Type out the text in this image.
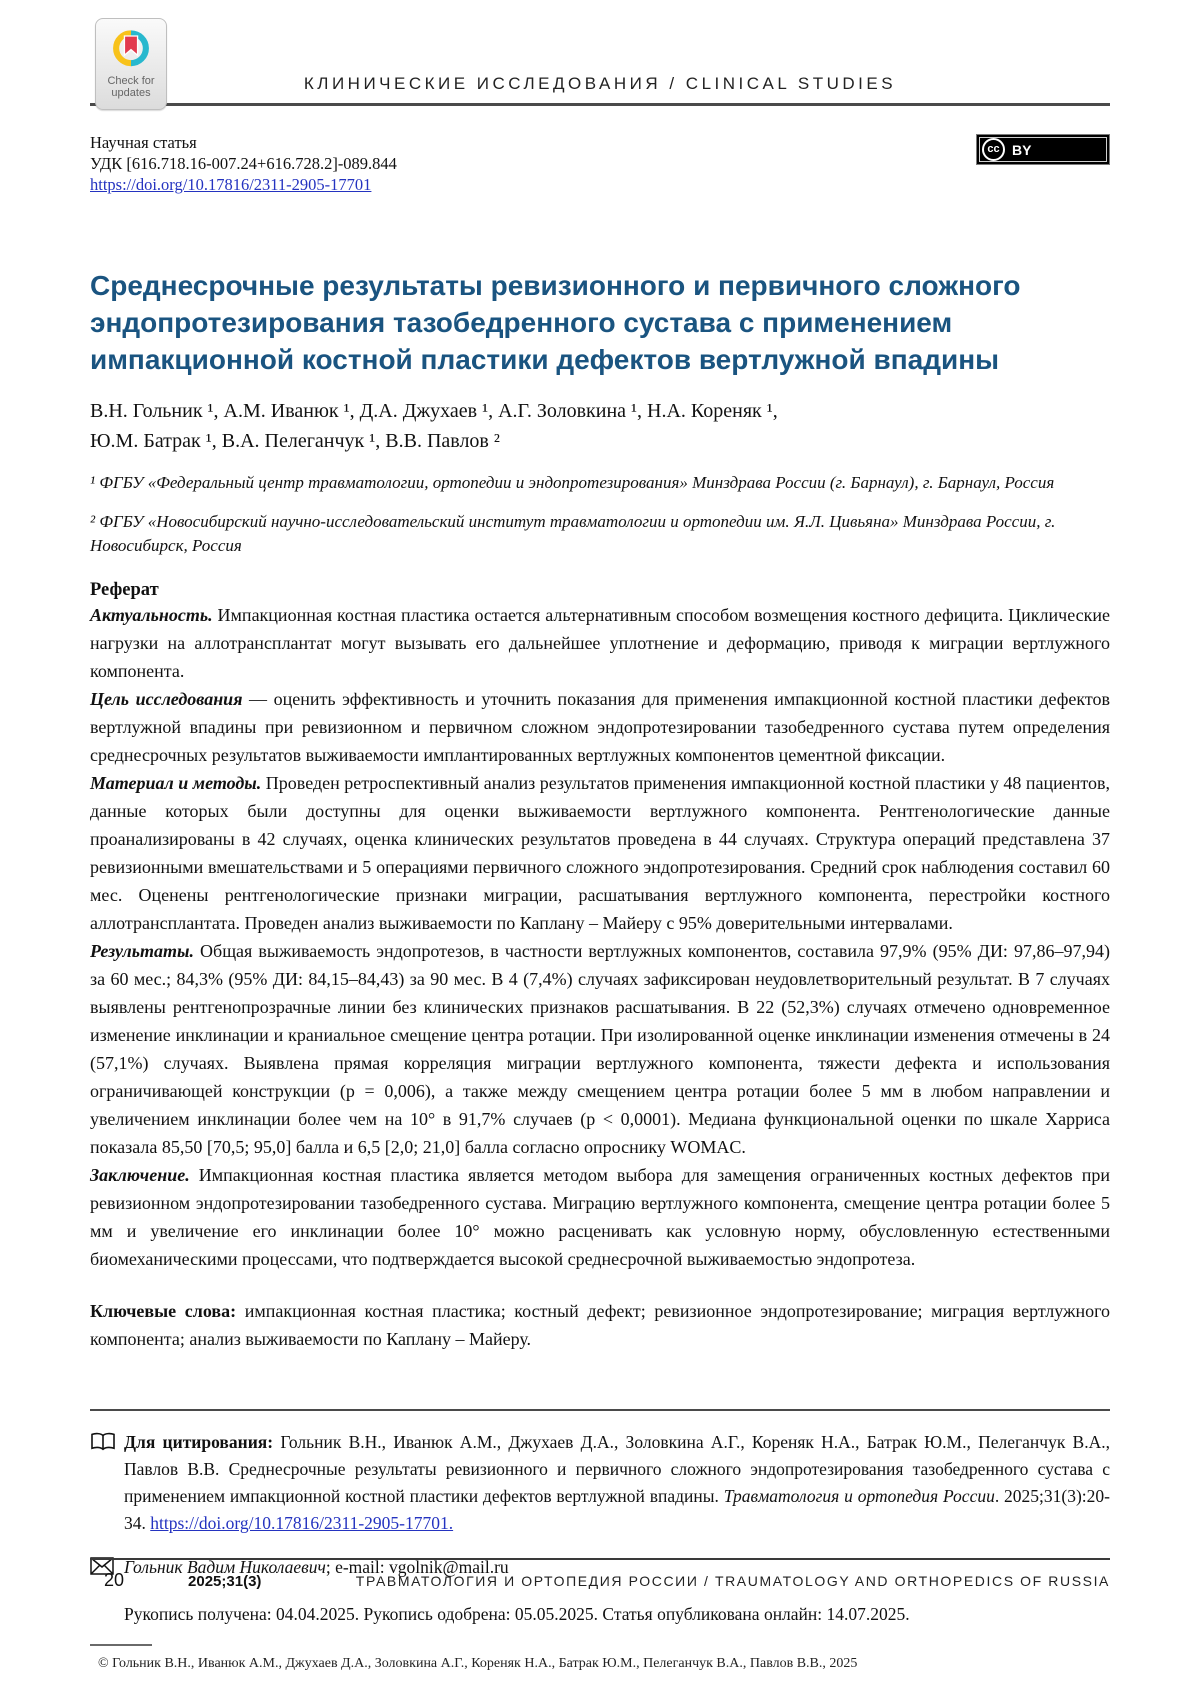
Check for updates	КЛИНИЧЕСКИЕ ИССЛЕДОВАНИЯ / CLINICAL STUDIES
Научная статья
УДК [616.718.16-007.24+616.728.2]-089.844
https://doi.org/10.17816/2311-2905-17701
cc BY
Среднесрочные результаты ревизионного и первичного сложного эндопротезирования тазобедренного сустава с применением импакционной костной пластики дефектов вертлужной впадины
В.Н. Гольник ¹, А.М. Иванюк ¹, Д.А. Джухаев ¹, А.Г. Золовкина ¹, Н.А. Кореняк ¹,
Ю.М. Батрак ¹, В.А. Пелеганчук ¹, В.В. Павлов ²
¹ ФГБУ «Федеральный центр травматологии, ортопедии и эндопротезирования» Минздрава России (г. Барнаул), г. Барнаул, Россия
² ФГБУ «Новосибирский научно-исследовательский институт травматологии и ортопедии им. Я.Л. Цивьяна» Минздрава России, г. Новосибирск, Россия
Реферат

Актуальность. Импакционная костная пластика остается альтернативным способом возмещения костного дефицита. Циклические нагрузки на аллотрансплантат могут вызывать его дальнейшее уплотнение и деформацию, приводя к миграции вертлужного компонента.

Цель исследования — оценить эффективность и уточнить показания для применения импакционной костной пластики дефектов вертлужной впадины при ревизионном и первичном сложном эндопротезировании тазобедренного сустава путем определения среднесрочных результатов выживаемости имплантированных вертлужных компонентов цементной фиксации.

Материал и методы. Проведен ретроспективный анализ результатов применения импакционной костной пластики у 48 пациентов, данные которых были доступны для оценки выживаемости вертлужного компонента. Рентгенологические данные проанализированы в 42 случаях, оценка клинических результатов проведена в 44 случаях. Структура операций представлена 37 ревизионными вмешательствами и 5 операциями первичного сложного эндопротезирования. Средний срок наблюдения составил 60 мес. Оценены рентгенологические признаки миграции, расшатывания вертлужного компонента, перестройки костного аллотрансплантата. Проведен анализ выживаемости по Каплану – Майеру с 95% доверительными интервалами.

Результаты. Общая выживаемость эндопротезов, в частности вертлужных компонентов, составила 97,9% (95% ДИ: 97,86–97,94) за 60 мес.; 84,3% (95% ДИ: 84,15–84,43) за 90 мес. В 4 (7,4%) случаях зафиксирован неудовлетворительный результат. В 7 случаях выявлены рентгенопрозрачные линии без клинических признаков расшатывания. В 22 (52,3%) случаях отмечено одновременное изменение инклинации и краниальное смещение центра ротации. При изолированной оценке инклинации изменения отмечены в 24 (57,1%) случаях. Выявлена прямая корреляция миграции вертлужного компонента, тяжести дефекта и использования ограничивающей конструкции (p = 0,006), а также между смещением центра ротации более 5 мм в любом направлении и увеличением инклинации более чем на 10° в 91,7% случаев (p < 0,0001). Медиана функциональной оценки по шкале Харриса показала 85,50 [70,5; 95,0] балла и 6,5 [2,0; 21,0] балла согласно опроснику WOMAC.

Заключение. Импакционная костная пластика является методом выбора для замещения ограниченных костных дефектов при ревизионном эндопротезировании тазобедренного сустава. Миграцию вертлужного компонента, смещение центра ротации более 5 мм и увеличение его инклинации более 10° можно расценивать как условную норму, обусловленную естественными биомеханическими процессами, что подтверждается высокой среднесрочной выживаемостью эндопротеза.

Ключевые слова: импакционная костная пластика; костный дефект; ревизионное эндопротезирование; миграция вертлужного компонента; анализ выживаемости по Каплану – Майеру.

Для цитирования: Гольник В.Н., Иванюк А.М., Джухаев Д.А., Золовкина А.Г., Кореняк Н.А., Батрак Ю.М., Пелеганчук В.А., Павлов В.В. Среднесрочные результаты ревизионного и первичного сложного эндопротезирования тазобедренного сустава с применением импакционной костной пластики дефектов вертлужной впадины. Травматология и ортопедия России. 2025;31(3):20-34. https://doi.org/10.17816/2311-2905-17701.
Гольник Вадим Николаевич; e-mail: vgolnik@mail.ru
Рукопись получена: 04.04.2025. Рукопись одобрена: 05.05.2025. Статья опубликована онлайн: 14.07.2025.
© Гольник В.Н., Иванюк А.М., Джухаев Д.А., Золовкина А.Г., Кореняк Н.А., Батрак Ю.М., Пелеганчук В.А., Павлов В.В., 2025
20	2025;31(3)	ТРАВМАТОЛОГИЯ И ОРТОПЕДИЯ РОССИИ / TRAUMATOLOGY AND ORTHOPEDICS OF RUSSIA
